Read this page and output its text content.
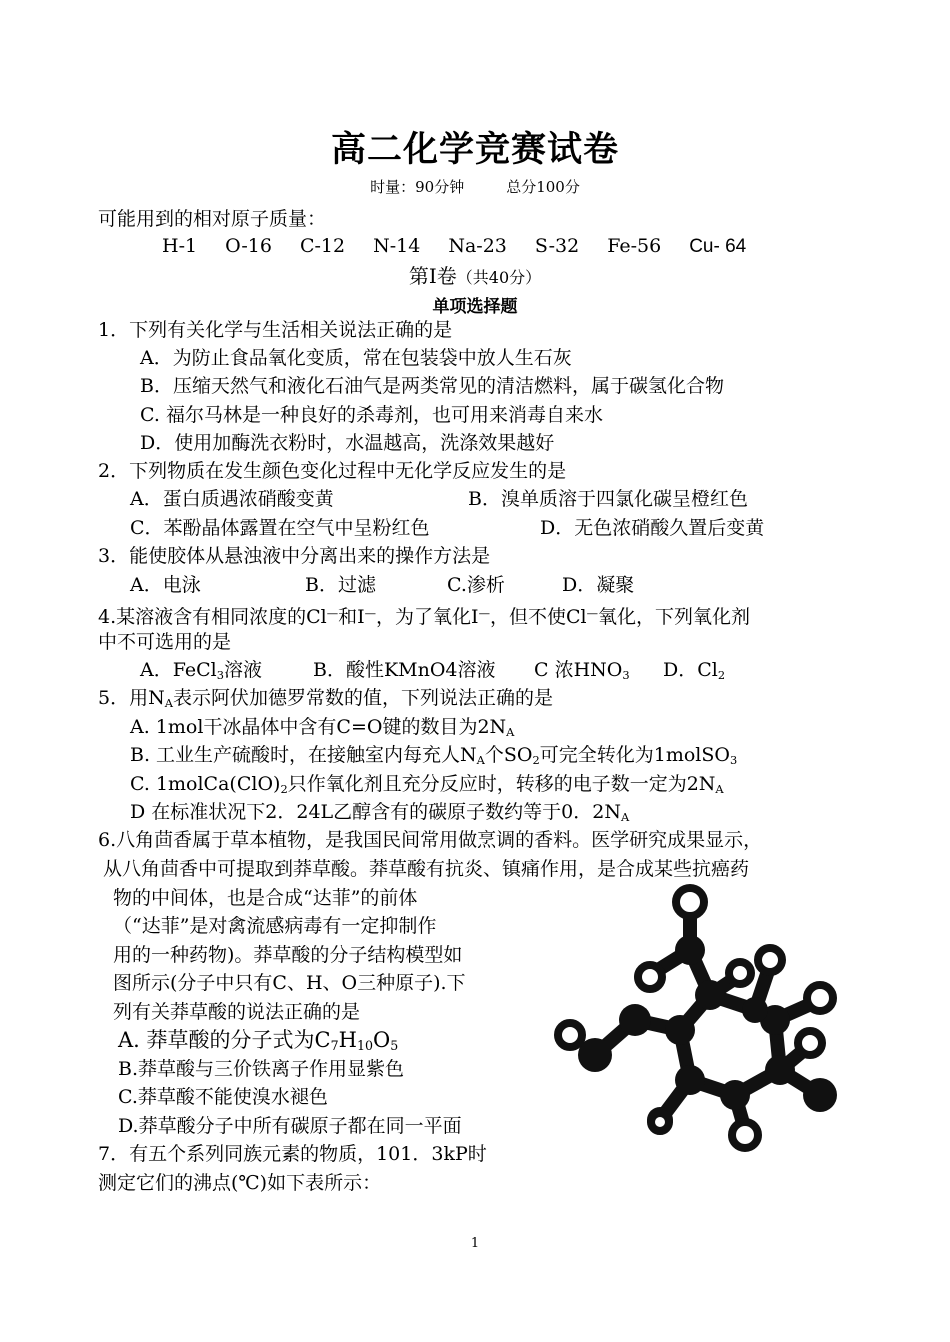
高二化学竞赛试卷
时量：90分钟	总分100分
可能用到的相对原子质量：
H-1 O-16 C-12 N-14 Na-23 S-32 Fe-56 Cu- 64
第Ⅰ卷（共40分）
单项选择题
1．下列有关化学与生活相关说法正确的是
A．为防止食品氧化变质，常在包装袋中放人生石灰
B．压缩天然气和液化石油气是两类常见的清洁燃料，属于碳氢化合物
C. 福尔马林是一种良好的杀毒剂，也可用来消毒自来水
D．使用加酶洗衣粉时，水温越高，洗涤效果越好
2．下列物质在发生颜色变化过程中无化学反应发生的是
A．蛋白质遇浓硝酸变黄	B．溴单质溶于四氯化碳呈橙红色
C．苯酚晶体露置在空气中呈粉红色	D．无色浓硝酸久置后变黄
3．能使胶体从悬浊液中分离出来的操作方法是
A．电泳	B．过滤	C.渗析	D．凝聚
4.某溶液含有相同浓度的Cl—和I—，为了氧化I—，但不使Cl—氧化，下列氧化剂
中不可选用的是
A．FeCl$_3$溶液	B．酸性KMnO4溶液 C 浓$HNO_3$ D．$Cl_2$
5．用$N_A$表示阿伏加德罗常数的值，下列说法正确的是
A. 1mol干冰晶体中含有C=O键的数目为$2N_A$
B. 工业生产硫酸时，在接触室内每充人$N_A$个$SO_2$可完全转化为1molSO$_3$
C. $1molCa(ClO)_2$只作氧化剂且充分反应时，转移的电子数一定为$2N_A$
D 在标准状况下2．24L乙醇含有的碳原子数约等于0．$2N_A$
6.八角茴香属于草本植物，是我国民间常用做烹调的香料。医学研究成果显示，
从八角茴香中可提取到莽草酸。莽草酸有抗炎、镇痛作用，是合成某些抗癌药
物的中间体，也是合成“达菲”的前体
（“达菲”是对禽流感病毒有一定抑制作
用的一种药物)。莽草酸的分子结构模型如
图所示(分子中只有C、H、O三种原子).下
列有关莽草酸的说法正确的是
A. 莽草酸的分子式为$C_7H_{10}O_5$
B.莽草酸与三价铁离子作用显紫色
C.莽草酸不能使溴水褪色
D.莽草酸分子中所有碳原子都在同一平面
7．有五个系列同族元素的物质，101．3kP时
测定它们的沸点(℃)如下表所示：
1
